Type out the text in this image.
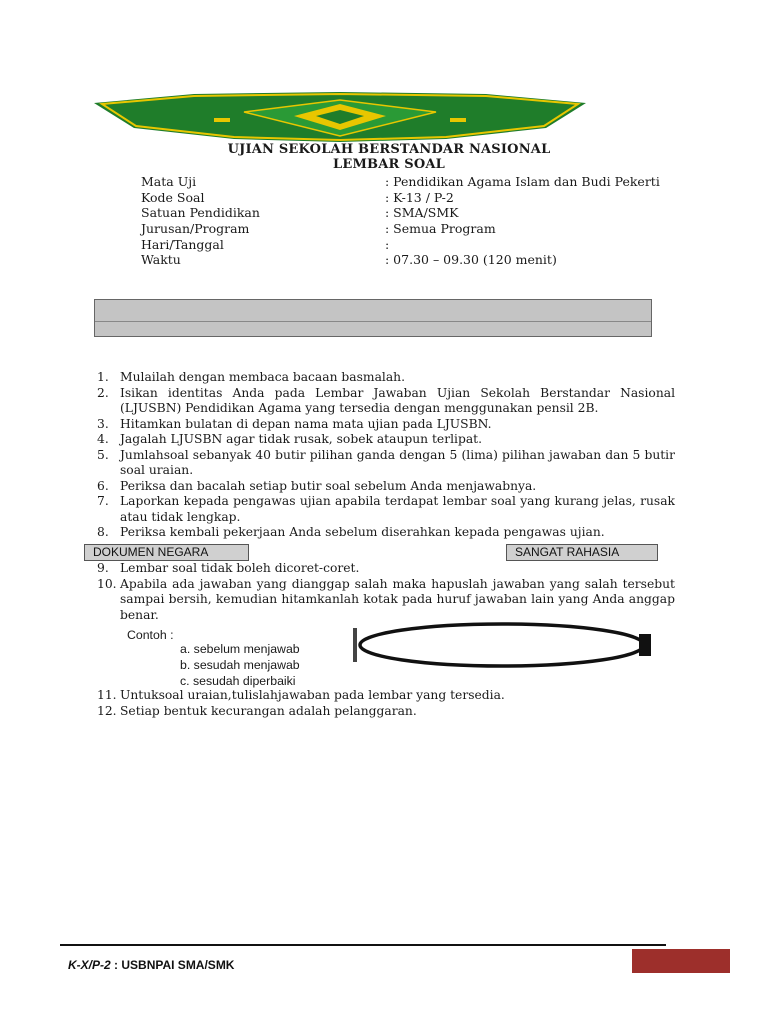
UJIAN SEKOLAH BERSTANDAR NASIONAL
LEMBAR SOAL
Mata Uji	: Pendidikan Agama Islam dan Budi Pekerti
Kode Soal	: K-13 / P-2
Satuan Pendidikan	: SMA/SMK
Jurusan/Program	: Semua Program
Hari/Tanggal	:
Waktu	: 07.30 – 09.30 (120 menit)
1. Mulailah dengan membaca bacaan basmalah.
2. Isikan identitas Anda pada Lembar Jawaban Ujian Sekolah Berstandar Nasional (LJUSBN) Pendidikan Agama yang tersedia dengan menggunakan pensil 2B.
3. Hitamkan bulatan di depan nama mata ujian pada LJUSBN.
4. Jagalah LJUSBN agar tidak rusak, sobek ataupun terlipat.
5. Jumlahsoal sebanyak 40 butir pilihan ganda dengan 5 (lima) pilihan jawaban dan 5 butir soal uraian.
6. Periksa dan bacalah setiap butir soal sebelum Anda menjawabnya.
7. Laporkan kepada pengawas ujian apabila terdapat lembar soal yang kurang jelas, rusak atau tidak lengkap.
8. Periksa kembali pekerjaan Anda sebelum diserahkan kepada pengawas ujian.
DOKUMEN NEGARA	SANGAT RAHASIA
9. Lembar soal tidak boleh dicoret-coret.
10. Apabila ada jawaban yang dianggap salah maka hapuslah jawaban yang salah tersebut sampai bersih, kemudian hitamkanlah kotak pada huruf jawaban lain yang Anda anggap benar.
Contoh :
a. sebelum menjawab
b. sesudah menjawab
c. sesudah diperbaiki
11. Untuksoal uraian,tulislahjawaban pada lembar yang tersedia.
12. Setiap bentuk kecurangan adalah pelanggaran.
K-X/P-2 : USBNPAI SMA/SMK
